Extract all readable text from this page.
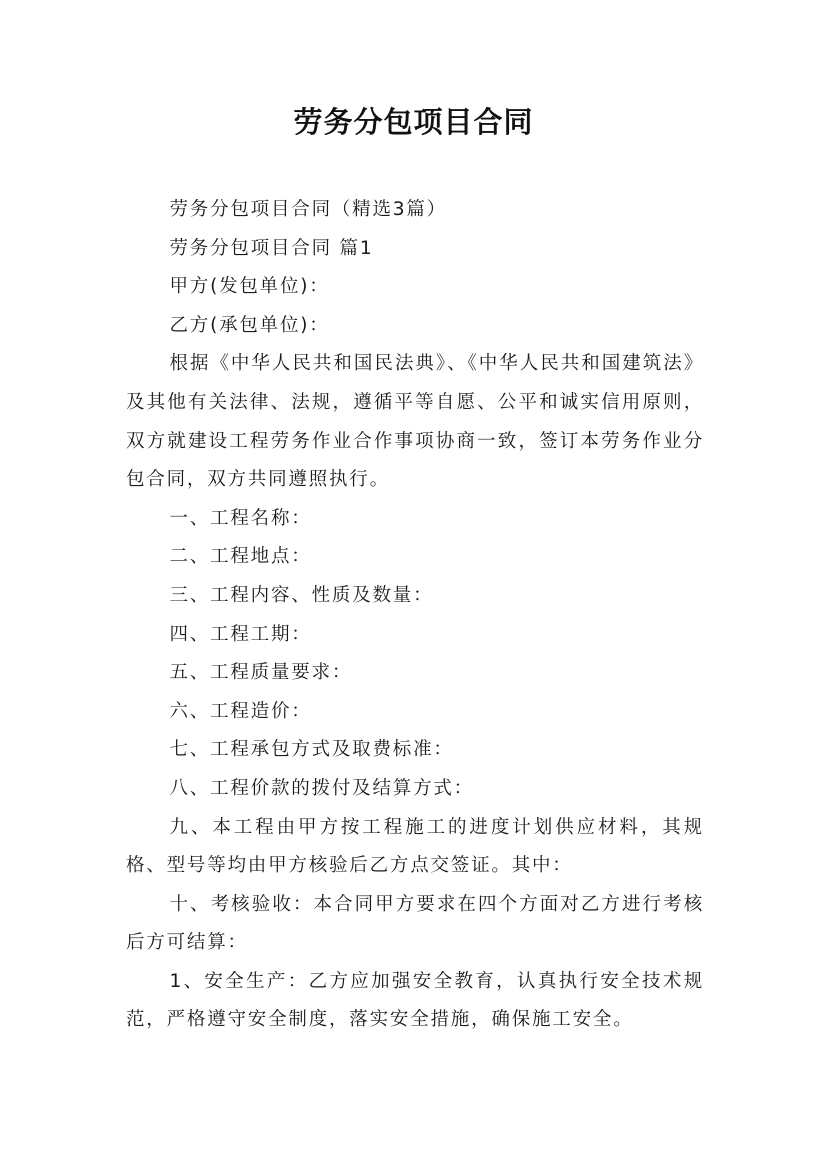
劳务分包项目合同

劳务分包项目合同（精选3篇）

劳务分包项目合同 篇1

甲方(发包单位)：

乙方(承包单位)：

根据《中华人民共和国民法典》、《中华人民共和国建筑法》及其他有关法律、法规，遵循平等自愿、公平和诚实信用原则，双方就建设工程劳务作业合作事项协商一致，签订本劳务作业分包合同，双方共同遵照执行。

一、工程名称：

二、工程地点：

三、工程内容、性质及数量：

四、工程工期：

五、工程质量要求：

六、工程造价：

七、工程承包方式及取费标准：

八、工程价款的拨付及结算方式：

九、本工程由甲方按工程施工的进度计划供应材料，其规格、型号等均由甲方核验后乙方点交签证。其中：

十、考核验收：本合同甲方要求在四个方面对乙方进行考核后方可结算：

1、安全生产：乙方应加强安全教育，认真执行安全技术规范，严格遵守安全制度，落实安全措施，确保施工安全。
